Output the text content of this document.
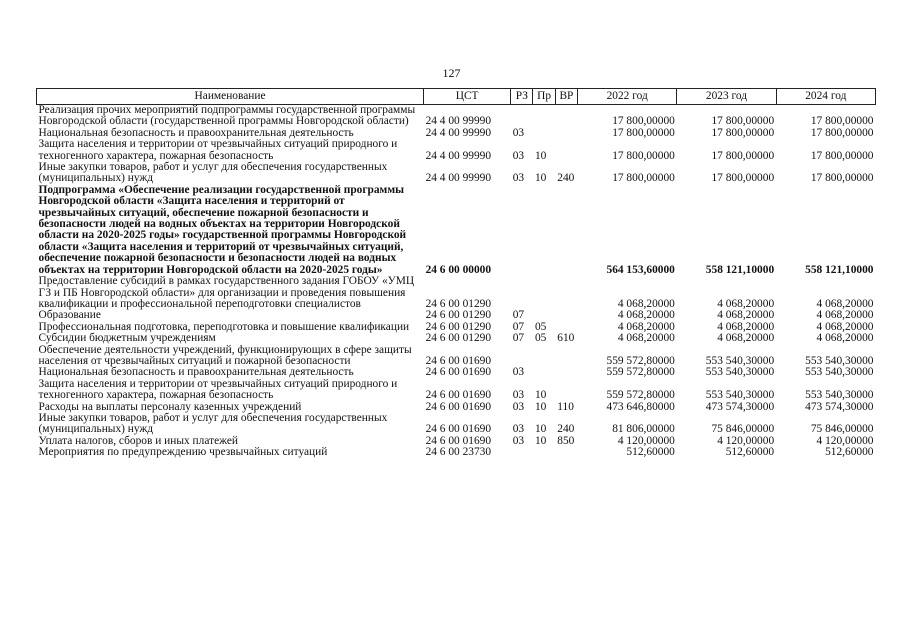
127
Наименование	ЦСТ	РЗ	Пр	ВР	2022 год	2023 год	2024 год
Реализация прочих мероприятий подпрограммы государственной программы Новгородской области (государственной программы Новгородской области)	24 4 00 99990				17 800,00000	17 800,00000	17 800,00000
Национальная безопасность и правоохранительная деятельность	24 4 00 99990	03			17 800,00000	17 800,00000	17 800,00000
Защита населения и территории от чрезвычайных ситуаций природного и техногенного характера, пожарная безопасность	24 4 00 99990	03	10		17 800,00000	17 800,00000	17 800,00000
Иные закупки товаров, работ и услуг для обеспечения государственных (муниципальных) нужд	24 4 00 99990	03	10	240	17 800,00000	17 800,00000	17 800,00000
Подпрограмма «Обеспечение реализации государственной программы Новгородской области «Защита населения и территорий от чрезвычайных ситуаций, обеспечение пожарной безопасности и безопасности людей на водных объектах на территории Новгородской области на 2020-2025 годы» государственной программы Новгородской области «Защита населения и территорий от чрезвычайных ситуаций, обеспечение пожарной безопасности и безопасности людей на водных объектах на территории Новгородской области на 2020-2025 годы»	24 6 00 00000				564 153,60000	558 121,10000	558 121,10000
Предоставление субсидий в рамках государственного задания ГОБОУ «УМЦ ГЗ и ПБ Новгородской области» для организации и проведения повышения квалификации и профессиональной переподготовки специалистов	24 6 00 01290				4 068,20000	4 068,20000	4 068,20000
Образование	24 6 00 01290	07			4 068,20000	4 068,20000	4 068,20000
Профессиональная подготовка, переподготовка и повышение квалификации	24 6 00 01290	07	05		4 068,20000	4 068,20000	4 068,20000
Субсидии бюджетным учреждениям	24 6 00 01290	07	05	610	4 068,20000	4 068,20000	4 068,20000
Обеспечение деятельности учреждений, функционирующих в сфере защиты населения от чрезвычайных ситуаций и пожарной безопасности	24 6 00 01690				559 572,80000	553 540,30000	553 540,30000
Национальная безопасность и правоохранительная деятельность	24 6 00 01690	03			559 572,80000	553 540,30000	553 540,30000
Защита населения и территории от чрезвычайных ситуаций природного и техногенного характера, пожарная безопасность	24 6 00 01690	03	10		559 572,80000	553 540,30000	553 540,30000
Расходы на выплаты персоналу казенных учреждений	24 6 00 01690	03	10	110	473 646,80000	473 574,30000	473 574,30000
Иные закупки товаров, работ и услуг для обеспечения государственных (муниципальных) нужд	24 6 00 01690	03	10	240	81 806,00000	75 846,00000	75 846,00000
Уплата налогов, сборов и иных платежей	24 6 00 01690	03	10	850	4 120,00000	4 120,00000	4 120,00000
Мероприятия по предупреждению чрезвычайных ситуаций	24 6 00 23730				512,60000	512,60000	512,60000
